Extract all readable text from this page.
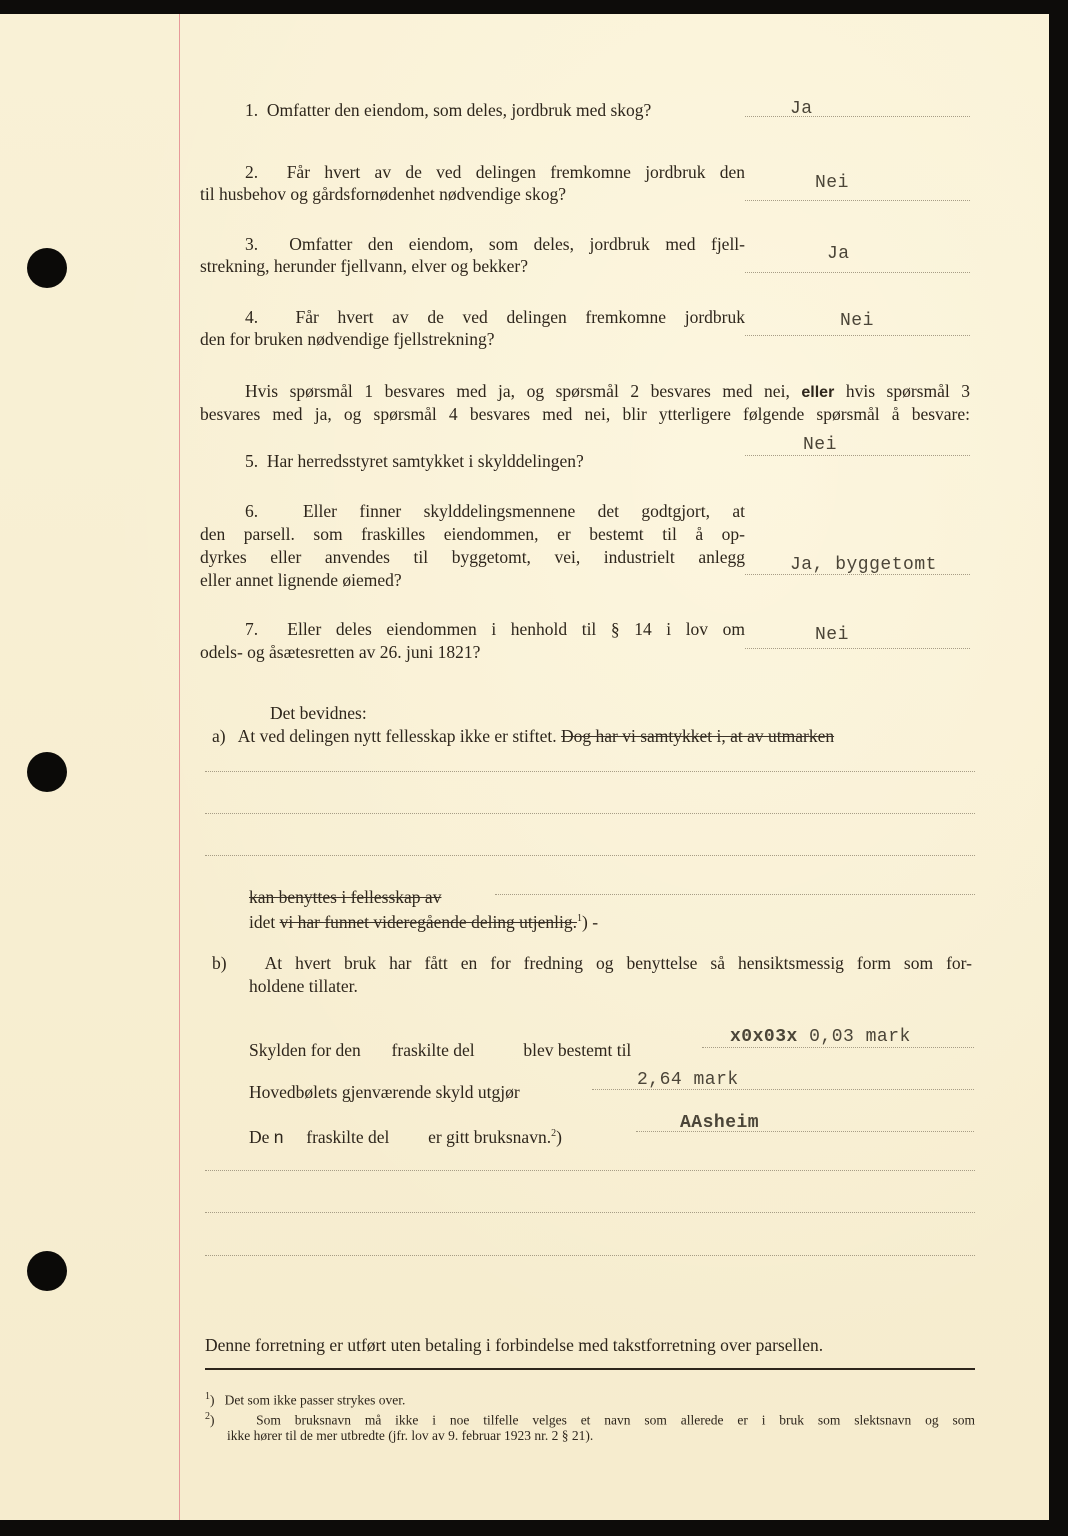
1. Omfatter den eiendom, som deles, jordbruk med skog?	Ja
2. Får hvert av de ved delingen fremkomne jordbruk den
til husbehov og gårdsfornødenhet nødvendige skog?
Nei
3. Omfatter den eiendom, som deles, jordbruk med fjell-
strekning, herunder fjellvann, elver og bekker?
Ja
4. Får hvert av de ved delingen fremkomne jordbruk
den for bruken nødvendige fjellstrekning?
Nei
Hvis spørsmål 1 besvares med ja, og spørsmål 2 besvares med nei, eller hvis spørsmål 3
besvares med ja, og spørsmål 4 besvares med nei, blir ytterligere følgende spørsmål å besvare:
5. Har herredsstyret samtykket i skylddelingen?
Nei
6.	Eller finner skylddelingsmennene det godtgjort, at
den parsell. som fraskilles eiendommen, er bestemt til å op-
dyrkes eller anvendes til byggetomt, vei, industrielt anlegg
eller annet lignende øiemed?
Ja, byggetomt
7. Eller deles eiendommen i henhold til § 14 i lov om
odels- og åsætesretten av 26. juni 1821?
Nei
Det bevidnes:
a) At ved delingen nytt fellesskap ikke er stiftet. Dog har vi samtykket i, at av utmarken
kan benyttes i fellesskap av
idet vi har funnet videregående deling utjenlig.$^1$) -
b) At hvert bruk har fått en for fredning og benyttelse så hensiktsmessig form som for-
holdene tillater.
Skylden for den fraskilte del	blev bestemt til
x0x03x 0,03 mark
Hovedbølets gjenværende skyld utgjør
2,64 mark
De n fraskilte del er gitt bruksnavn.$^2$)
AAsheim
Denne forretning er utført uten betaling i forbindelse med takstforretning over parsellen.
$^1$)   Det som ikke passer strykes over.
$^2$)   Som bruksnavn må ikke i noe tilfelle velges et navn som allerede er i bruk som slektsnavn og som
ikke hører til de mer utbredte (jfr. lov av 9. februar 1923 nr. 2 § 21).
